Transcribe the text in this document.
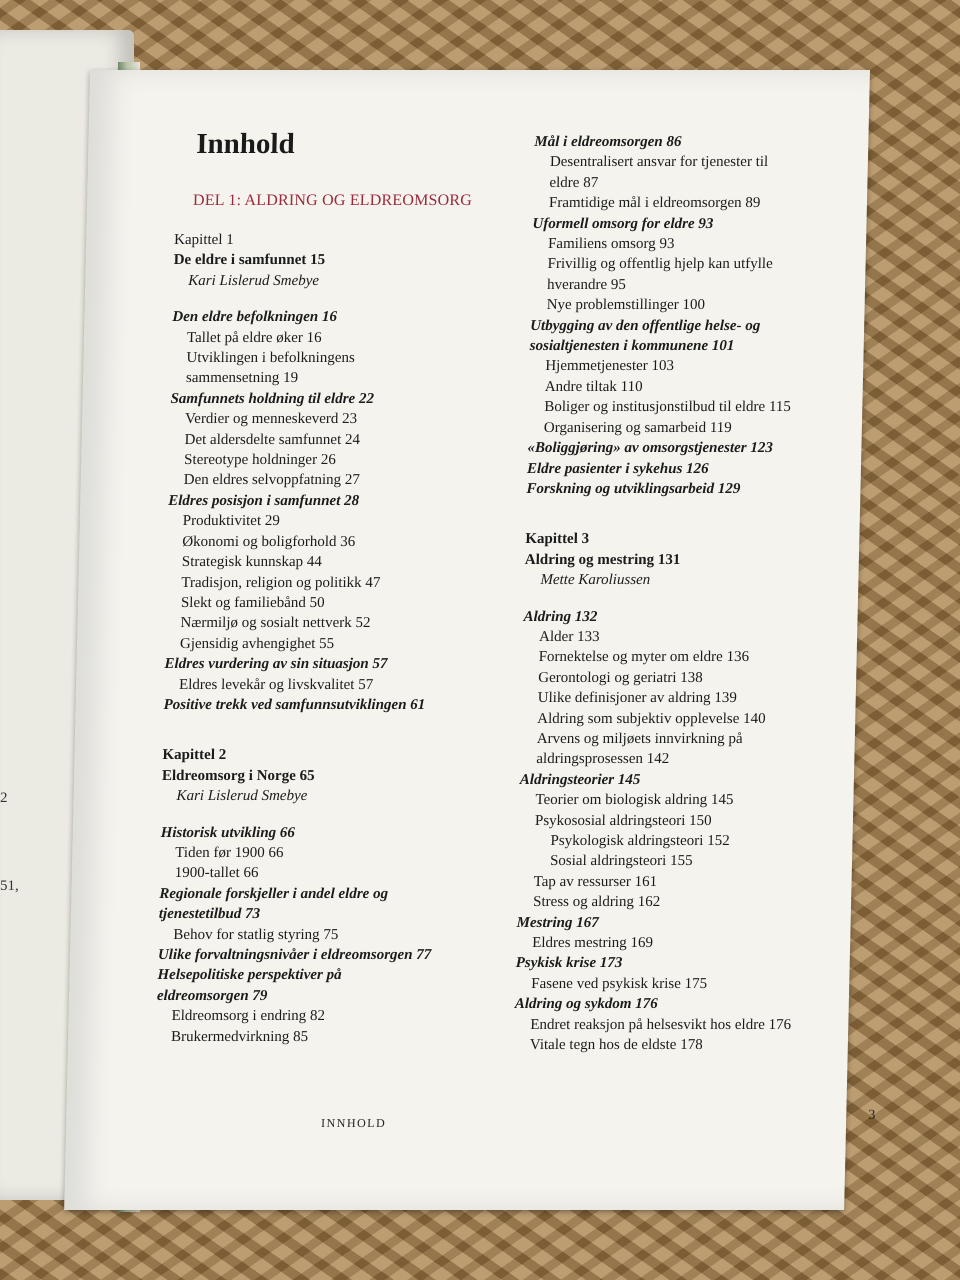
2
51,
Innhold
DEL 1: ALDRING OG ELDREOMSORG
Kapittel 1
De eldre i samfunnet 15
Kari Lislerud Smebye
Den eldre befolkningen 16
Tallet på eldre øker 16
Utviklingen i befolkningens
sammensetning 19
Samfunnets holdning til eldre 22
Verdier og menneskeverd 23
Det aldersdelte samfunnet 24
Stereotype holdninger 26
Den eldres selvoppfatning 27
Eldres posisjon i samfunnet 28
Produktivitet 29
Økonomi og boligforhold 36
Strategisk kunnskap 44
Tradisjon, religion og politikk 47
Slekt og familiebånd 50
Nærmiljø og sosialt nettverk 52
Gjensidig avhengighet 55
Eldres vurdering av sin situasjon 57
Eldres levekår og livskvalitet 57
Positive trekk ved samfunnsutviklingen 61
Kapittel 2
Eldreomsorg i Norge 65
Kari Lislerud Smebye
Historisk utvikling 66
Tiden før 1900 66
1900-tallet 66
Regionale forskjeller i andel eldre og
tjenestetilbud 73
Behov for statlig styring 75
Ulike forvaltningsnivåer i eldreomsorgen 77
Helsepolitiske perspektiver på
eldreomsorgen 79
Eldreomsorg i endring 82
Brukermedvirkning 85
Mål i eldreomsorgen 86
Desentralisert ansvar for tjenester til
eldre 87
Framtidige mål i eldreomsorgen 89
Uformell omsorg for eldre 93
Familiens omsorg 93
Frivillig og offentlig hjelp kan utfylle
hverandre 95
Nye problemstillinger 100
Utbygging av den offentlige helse- og
sosialtjenesten i kommunene 101
Hjemmetjenester 103
Andre tiltak 110
Boliger og institusjonstilbud til eldre 115
Organisering og samarbeid 119
«Boliggjøring» av omsorgstjenester 123
Eldre pasienter i sykehus 126
Forskning og utviklingsarbeid 129
Kapittel 3
Aldring og mestring 131
Mette Karoliussen
Aldring 132
Alder 133
Fornektelse og myter om eldre 136
Gerontologi og geriatri 138
Ulike definisjoner av aldring 139
Aldring som subjektiv opplevelse 140
Arvens og miljøets innvirkning på
aldringsprosessen 142
Aldringsteorier 145
Teorier om biologisk aldring 145
Psykososial aldringsteori 150
Psykologisk aldringsteori 152
Sosial aldringsteori 155
Tap av ressurser 161
Stress og aldring 162
Mestring 167
Eldres mestring 169
Psykisk krise 173
Fasene ved psykisk krise 175
Aldring og sykdom 176
Endret reaksjon på helsesvikt hos eldre 176
Vitale tegn hos de eldste 178
INNHOLD	3
